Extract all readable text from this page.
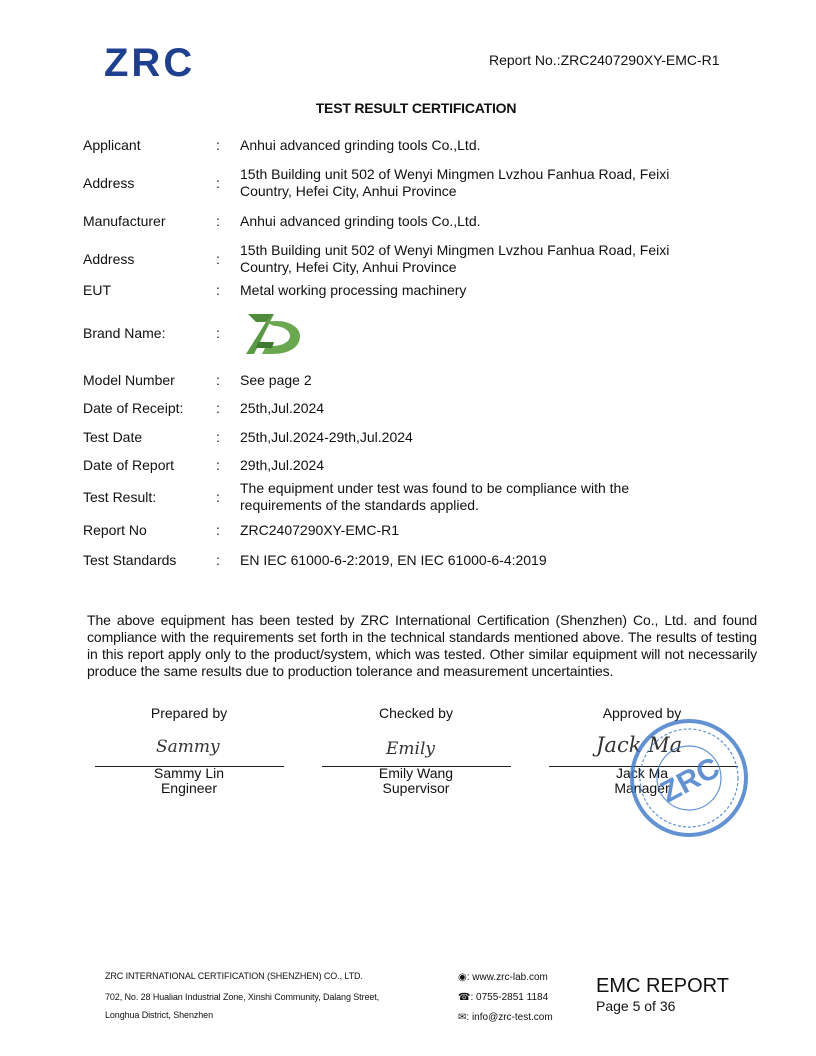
ZRC	Report No.:ZRC2407290XY-EMC-R1
TEST RESULT CERTIFICATION
Applicant	: Anhui advanced grinding tools Co.,Ltd.
Address	:
15th Building unit 502 of Wenyi Mingmen Lvzhou Fanhua Road, Feixi
Country, Hefei City, Anhui Province
Manufacturer	: Anhui advanced grinding tools Co.,Ltd.
Address	:
15th Building unit 502 of Wenyi Mingmen Lvzhou Fanhua Road, Feixi
Country, Hefei City, Anhui Province
EUT	: Metal working processing machinery
Brand Name:	:
Model Number	: See page 2
Date of Receipt: : 25th,Jul.2024
Test Date	: 25th,Jul.2024-29th,Jul.2024
Date of Report	: 29th,Jul.2024
Test Result:	:
The equipment under test was found to be compliance with the
requirements of the standards applied.
Report No	: ZRC2407290XY-EMC-R1
Test Standards	: EN IEC 61000-6-2:2019, EN IEC 61000-6-4:2019
The above equipment has been tested by ZRC International Certification (Shenzhen) Co., Ltd. and found compliance with the requirements set forth in the technical standards mentioned above. The results of testing in this report apply only to the product/system, which was tested. Other similar equipment will not necessarily produce the same results due to production tolerance and measurement uncertainties.
Prepared by
Sammy
Sammy Lin
Engineer
Checked by
Emily
Emily Wang
Supervisor
Approved by
Jack Ma
Jack Ma
Manager
ZRC
ZRC INTERNATIONAL CERTIFICATION (SHENZHEN) CO., LTD.
702, No. 28 Hualian Industrial Zone, Xinshi Community, Dalang Street,
Longhua District, Shenzhen
◉: www.zrc-lab.com
☎: 0755-2851 1184
✉: info@zrc-test.com
EMC REPORT
Page 5 of 36
